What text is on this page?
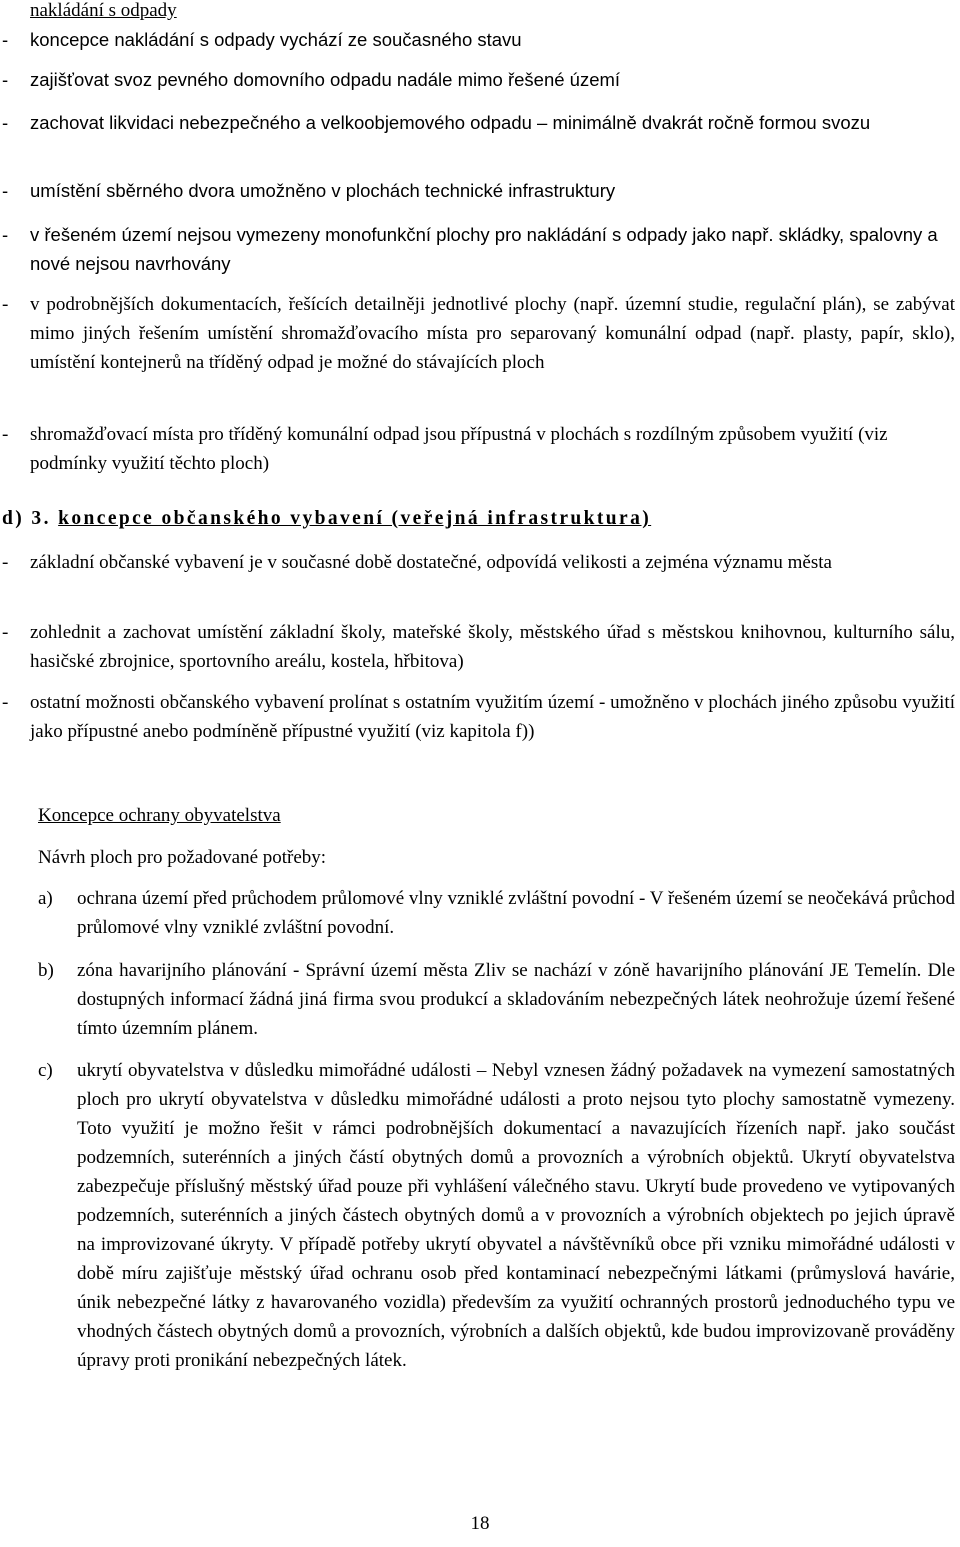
nakládání s odpady
- koncepce nakládání s odpady vychází ze současného stavu
- zajišťovat svoz pevného domovního odpadu nadále mimo řešené území
- zachovat likvidaci nebezpečného a velkoobjemového odpadu – minimálně dvakrát ročně formou svozu
- umístění sběrného dvora umožněno v plochách technické infrastruktury
- v řešeném území nejsou vymezeny monofunkční plochy pro nakládání s odpady jako např. skládky, spalovny a nové nejsou navrhovány
- v podrobnějších dokumentacích, řešících detailněji jednotlivé plochy (např. územní studie, regulační plán), se zabývat mimo jiných řešením umístění shromažďovacího místa pro separovaný komunální odpad (např. plasty, papír, sklo), umístění kontejnerů na tříděný odpad je možné do stávajících ploch
- shromažďovací místa pro tříděný komunální odpad jsou přípustná v plochách s rozdílným způsobem využití (viz podmínky využití těchto ploch)
d) 3. koncepce občanského vybavení (veřejná infrastruktura)
- základní občanské vybavení je v současné době dostatečné, odpovídá velikosti a zejména významu města
- zohlednit a zachovat umístění základní školy, mateřské školy, městského úřad s městskou knihovnou, kulturního sálu, hasičské zbrojnice, sportovního areálu, kostela, hřbitova)
- ostatní možnosti občanského vybavení prolínat s ostatním využitím území - umožněno v plochách jiného způsobu využití jako přípustné anebo podmíněně přípustné využití (viz kapitola f))
Koncepce ochrany obyvatelstva
Návrh ploch pro požadované potřeby:
a) ochrana území před průchodem průlomové vlny vzniklé zvláštní povodní - V řešeném území se neočekává průchod průlomové vlny vzniklé zvláštní povodní.
b) zóna havarijního plánování - Správní území města Zliv se nachází v zóně havarijního plánování JE Temelín. Dle dostupných informací žádná jiná firma svou produkcí a skladováním nebezpečných látek neohrožuje území řešené tímto územním plánem.
c) ukrytí obyvatelstva v důsledku mimořádné události – Nebyl vznesen žádný požadavek na vymezení samostatných ploch pro ukrytí obyvatelstva v důsledku mimořádné události a proto nejsou tyto plochy samostatně vymezeny. Toto využití je možno řešit v rámci podrobnějších dokumentací a navazujících řízeních např. jako součást podzemních, suterénních a jiných částí obytných domů a provozních a výrobních objektů. Ukrytí obyvatelstva zabezpečuje příslušný městský úřad pouze při vyhlášení válečného stavu. Ukrytí bude provedeno ve vytipovaných podzemních, suterénních a jiných částech obytných domů a v provozních a výrobních objektech po jejich úpravě na improvizované úkryty. V případě potřeby ukrytí obyvatel a návštěvníků obce při vzniku mimořádné události v době míru zajišťuje městský úřad ochranu osob před kontaminací nebezpečnými látkami (průmyslová havárie, únik nebezpečné látky z havarovaného vozidla) především za využití ochranných prostorů jednoduchého typu ve vhodných částech obytných domů a provozních, výrobních a dalších objektů, kde budou improvizovaně prováděny úpravy proti pronikání nebezpečných látek.
18
